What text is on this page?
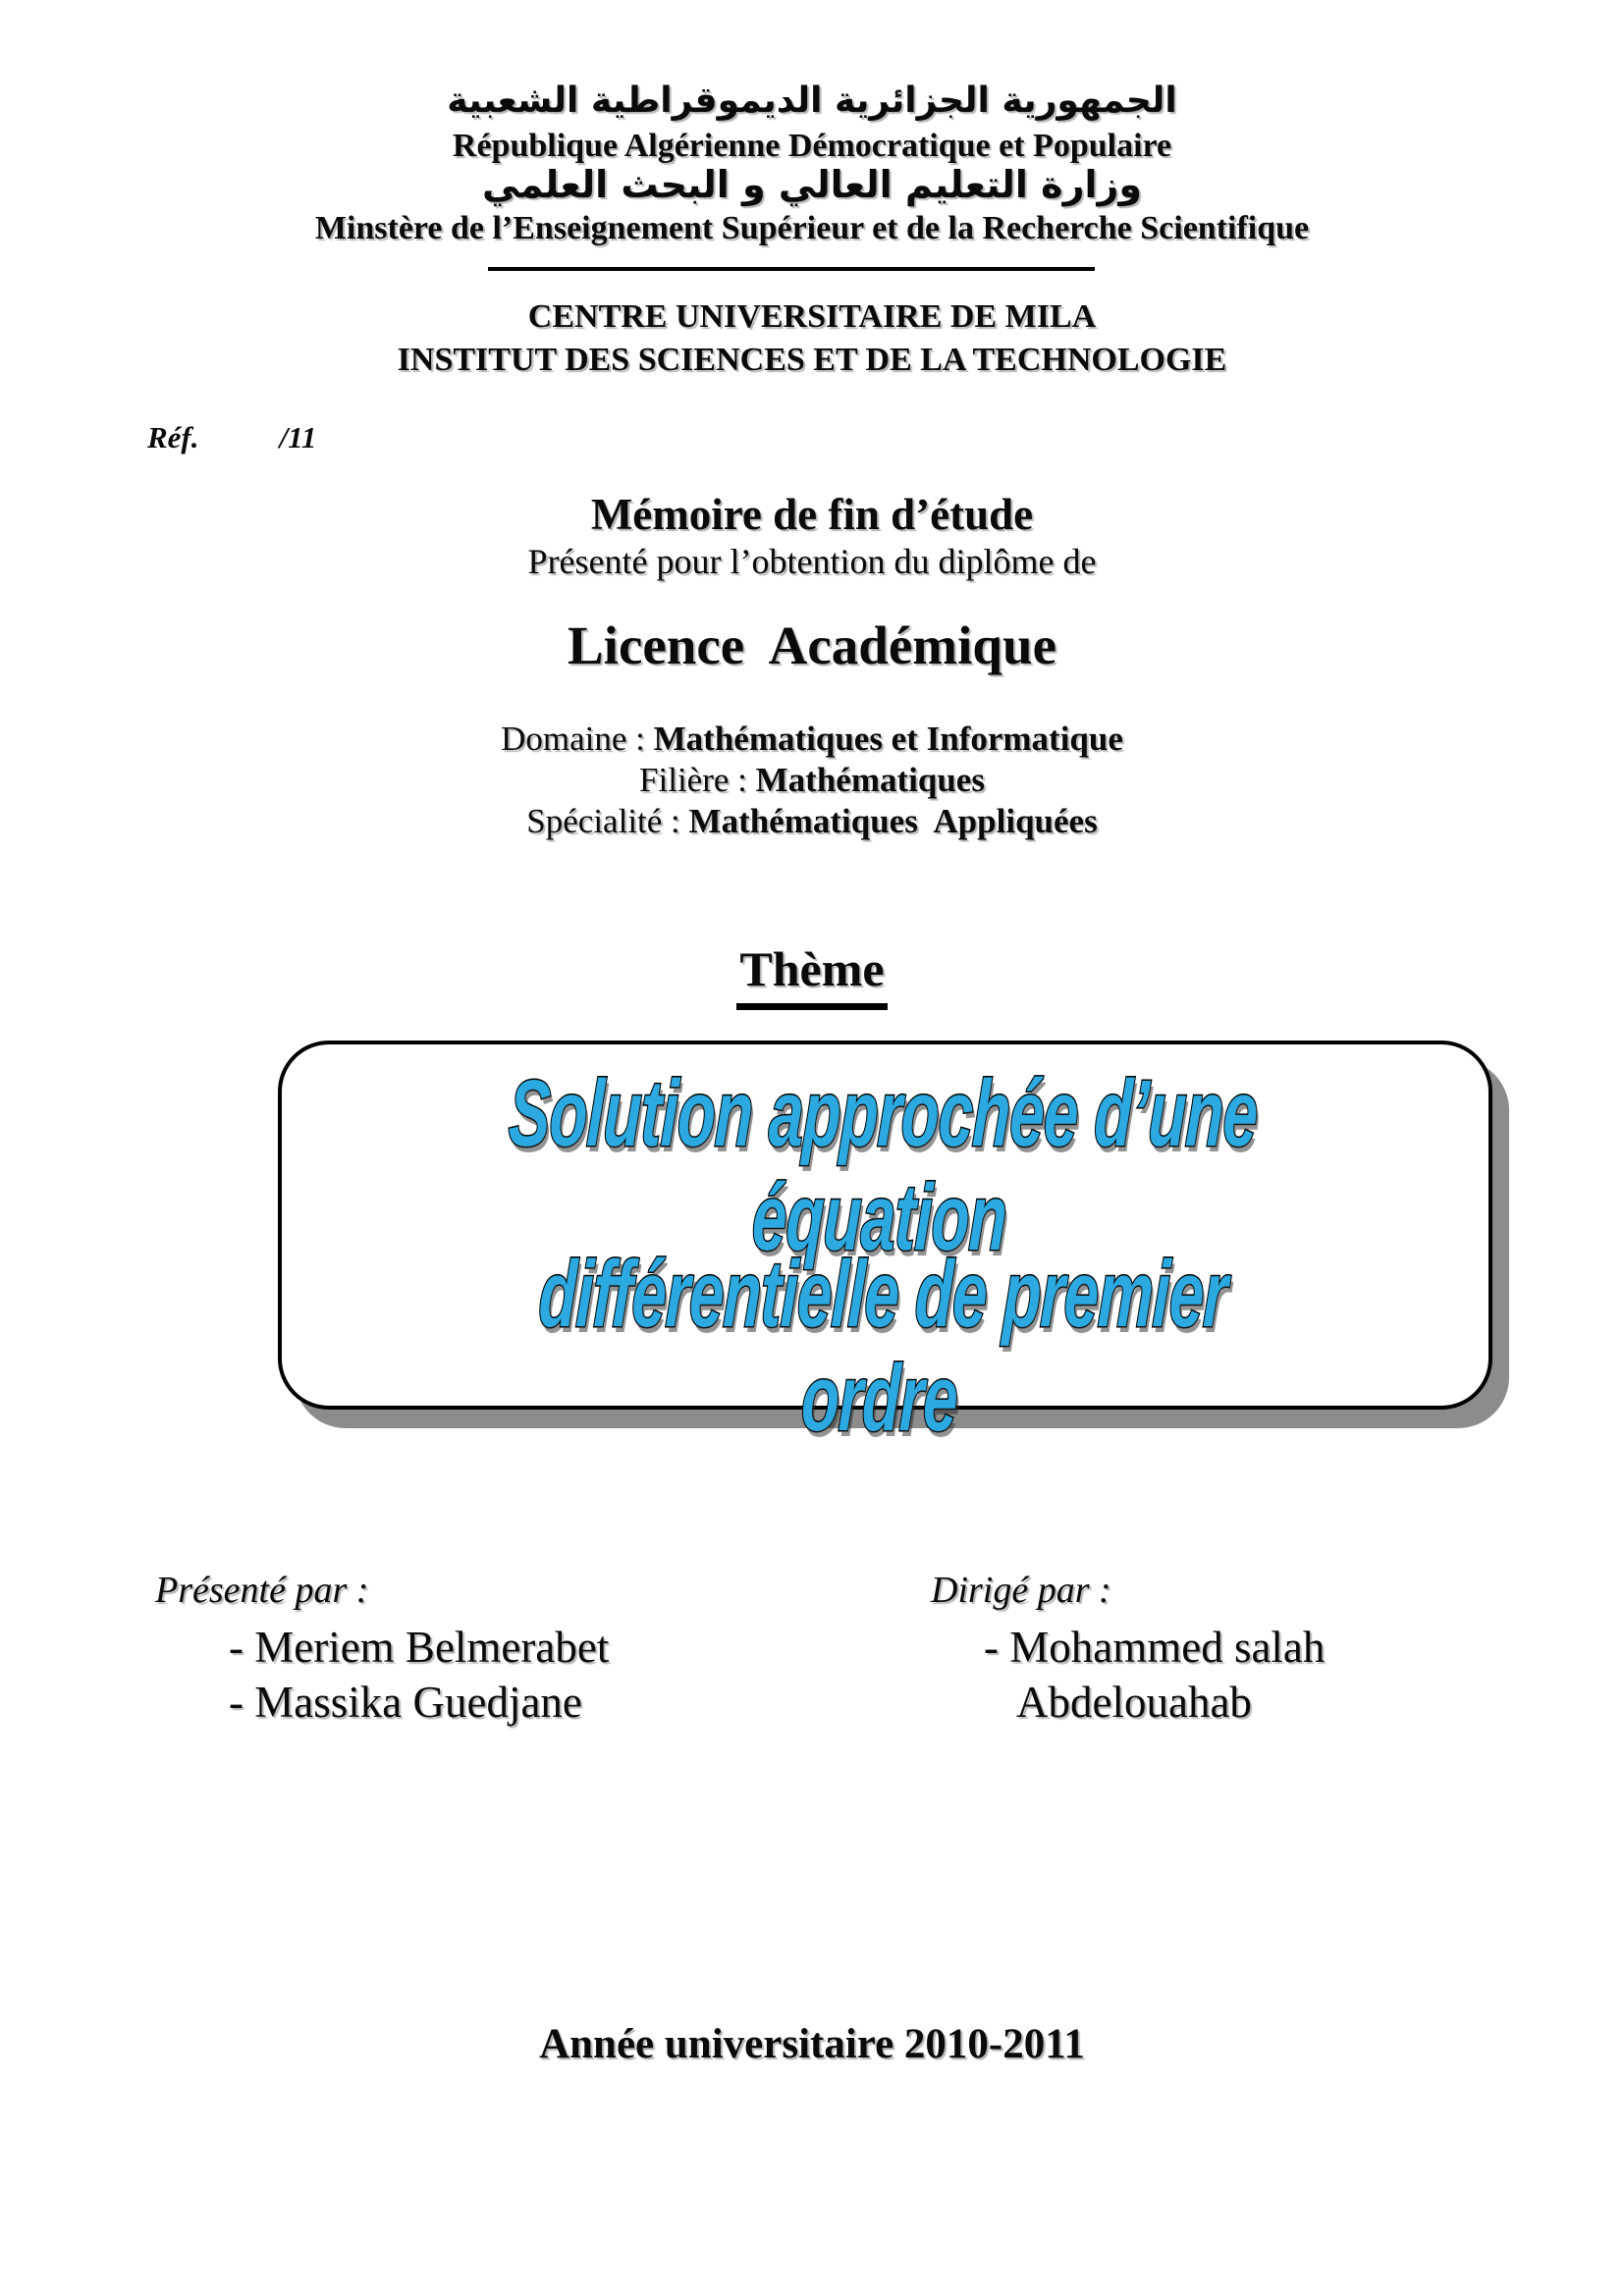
الجمهورية الجزائرية الديموقراطية الشعبية
République Algérienne Démocratique et Populaire
وزارة التعليم العالي و البحث العلمي
Minstère de l’Enseignement Supérieur et de la Recherche Scientifique
CENTRE UNIVERSITAIRE DE MILA
INSTITUT DES SCIENCES ET DE LA TECHNOLOGIE
Réf.	/11
Mémoire de fin d’étude
Présenté pour l’obtention du diplôme de
Licence  Académique
Domaine : Mathématiques et Informatique
Filière : Mathématiques
Spécialité : Mathématiques  Appliquées
Thème
Solution approchée d’une équation
différentielle de premier ordre
Présenté par :
- Meriem Belmerabet
- Massika Guedjane
Dirigé par :
- Mohammed salah
Abdelouahab
Année universitaire 2010-2011
